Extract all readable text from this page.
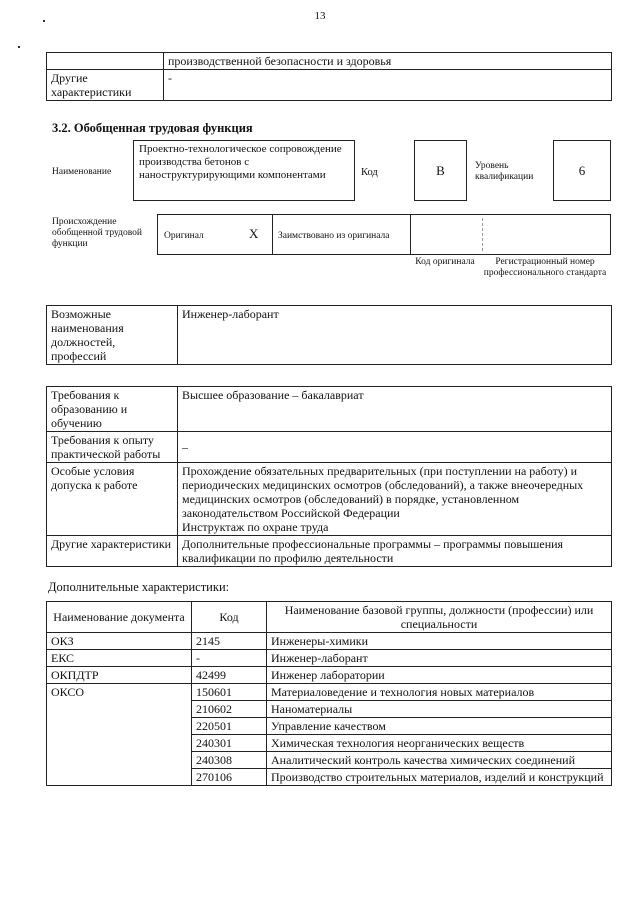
13
	производственной безопасности и здоровья
Другие характеристики	-
3.2. Обобщенная трудовая функция
Наименование
Проектно-технологическое сопровождение производства бетонов с наноструктурирующими компонентами	Код	B	Уровень квалификации	6
Происхождение обобщенной трудовой функции
Оригинал	X Заимствовано из оригинала
Код оригинала	Регистрационный номер профессионального стандарта
Возможные наименования должностей, профессий	Инженер-лаборант
Требования к образованию и обучению	Высшее образование – бакалавриат
Требования к опыту практической работы	–
Особые условия допуска к работе	Прохождение обязательных предварительных (при поступлении на работу) и периодических медицинских осмотров (обследований), а также внеочередных медицинских осмотров (обследований) в порядке, установленном законодательством Российской Федерации
Инструктаж по охране труда

Другие характеристики	Дополнительные профессиональные программы – программы повышения квалификации по профилю деятельности
Дополнительные характеристики:
Наименование документа	Код	Наименование базовой группы, должности (профессии) или специальности
ОКЗ	2145	Инженеры-химики
ЕКС	-	Инженер-лаборант
ОКПДТР	42499	Инженер лаборатории
ОКСО	150601	Материаловедение и технология новых материалов
	210602	Наноматериалы
	220501	Управление качеством
	240301	Химическая технология неорганических веществ
	240308	Аналитический контроль качества химических соединений
	270106	Производство строительных материалов, изделий и конструкций
